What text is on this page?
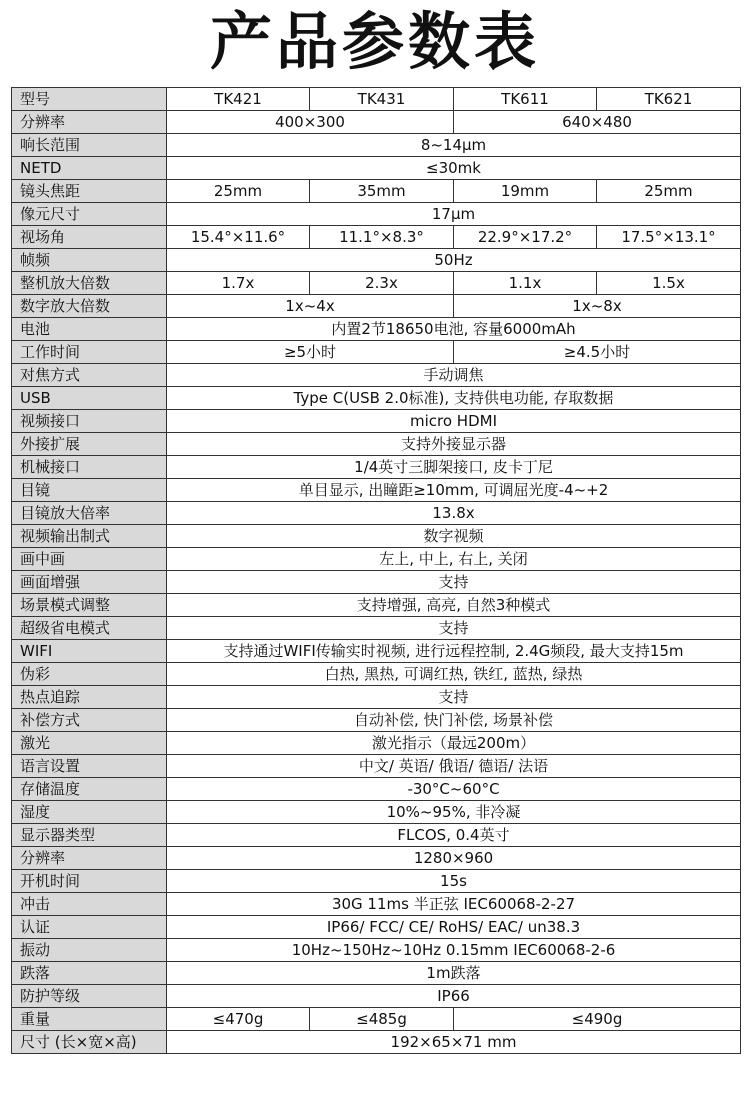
产品参数表
型号	TK421	TK431	TK611	TK621
分辨率	400×300		640×480	
响长范围	8~14μm			
NETD	≤30mk			
镜头焦距	25mm	35mm	19mm	25mm
像元尺寸	17μm			
视场角	15.4°×11.6°	11.1°×8.3°	22.9°×17.2°	17.5°×13.1°
帧频	50Hz			
整机放大倍数	1.7x	2.3x	1.1x	1.5x
数字放大倍数	1x~4x		1x~8x	
电池	内置2节18650电池, 容量6000mAh			
工作时间	≥5小时		≥4.5小时	
对焦方式	手动调焦			
USB	Type C(USB 2.0标准), 支持供电功能, 存取数据			
视频接口	micro HDMI			
外接扩展	支持外接显示器			
机械接口	1/4英寸三脚架接口, 皮卡丁尼			
目镜	单目显示, 出瞳距≥10mm, 可调屈光度-4~+2			
目镜放大倍率	13.8x			
视频输出制式	数字视频			
画中画	左上, 中上, 右上, 关闭			
画面增强	支持			
场景模式调整	支持增强, 高亮, 自然3种模式			
超级省电模式	支持			
WIFI	支持通过WIFI传输实时视频, 进行远程控制, 2.4G频段, 最大支持15m			
伪彩	白热, 黑热, 可调红热, 铁红, 蓝热, 绿热			
热点追踪	支持			
补偿方式	自动补偿, 快门补偿, 场景补偿			
激光	激光指示（最远200m）			
语言设置	中文/ 英语/ 俄语/ 德语/ 法语			
存储温度	-30°C~60°C			
湿度	10%~95%, 非冷凝			
显示器类型	FLCOS, 0.4英寸			
分辨率	1280×960			
开机时间	15s			
冲击	30G 11ms 半正弦 IEC60068-2-27			
认证	IP66/ FCC/ CE/ RoHS/ EAC/ un38.3			
振动	10Hz~150Hz~10Hz 0.15mm IEC60068-2-6			
跌落	1m跌落			
防护等级	IP66			
重量	≤470g	≤485g	≤490g	
尺寸 (长×宽×高)	192×65×71 mm			
